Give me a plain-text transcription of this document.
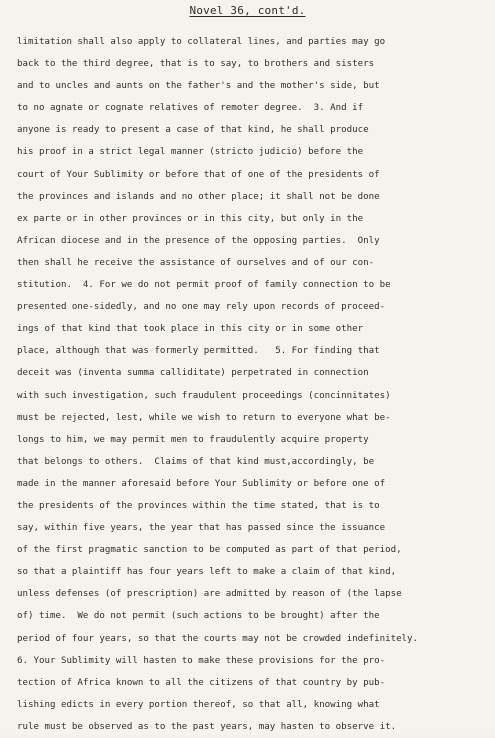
Novel 36, cont'd.
limitation shall also apply to collateral lines, and parties may go
back to the third degree, that is to say, to brothers and sisters
and to uncles and aunts on the father's and the mother's side, but
to no agnate or cognate relatives of remoter degree.  3. And if
anyone is ready to present a case of that kind, he shall produce
his proof in a strict legal manner (stricto judicio) before the
court of Your Sublimity or before that of one of the presidents of
the provinces and islands and no other place; it shall not be done
ex parte or in other provinces or in this city, but only in the
African diocese and in the presence of the opposing parties.  Only
then shall he receive the assistance of ourselves and of our con-
stitution.  4. For we do not permit proof of family connection to be
presented one-sidedly, and no one may rely upon records of proceed-
ings of that kind that took place in this city or in some other
place, although that was formerly permitted.   5. For finding that
deceit was (inventa summa calliditate) perpetrated in connection
with such investigation, such fraudulent proceedings (concinnitates)
must be rejected, lest, while we wish to return to everyone what be-
longs to him, we may permit men to fraudulently acquire property
that belongs to others.  Claims of that kind must,accordingly, be
made in the manner aforesaid before Your Sublimity or before one of
the presidents of the provinces within the time stated, that is to
say, within five years, the year that has passed since the issuance
of the first pragmatic sanction to be computed as part of that period,
so that a plaintiff has four years left to make a claim of that kind,
unless defenses (of prescription) are admitted by reason of (the lapse
of) time.  We do not permit (such actions to be brought) after the
period of four years, so that the courts may not be crowded indefinitely.
6. Your Sublimity will hasten to make these provisions for the pro-
tection of Africa known to all the citizens of that country by pub-
lishing edicts in every portion thereof, so that all, knowing what
rule must be observed as to the past years, may hasten to observe it.
